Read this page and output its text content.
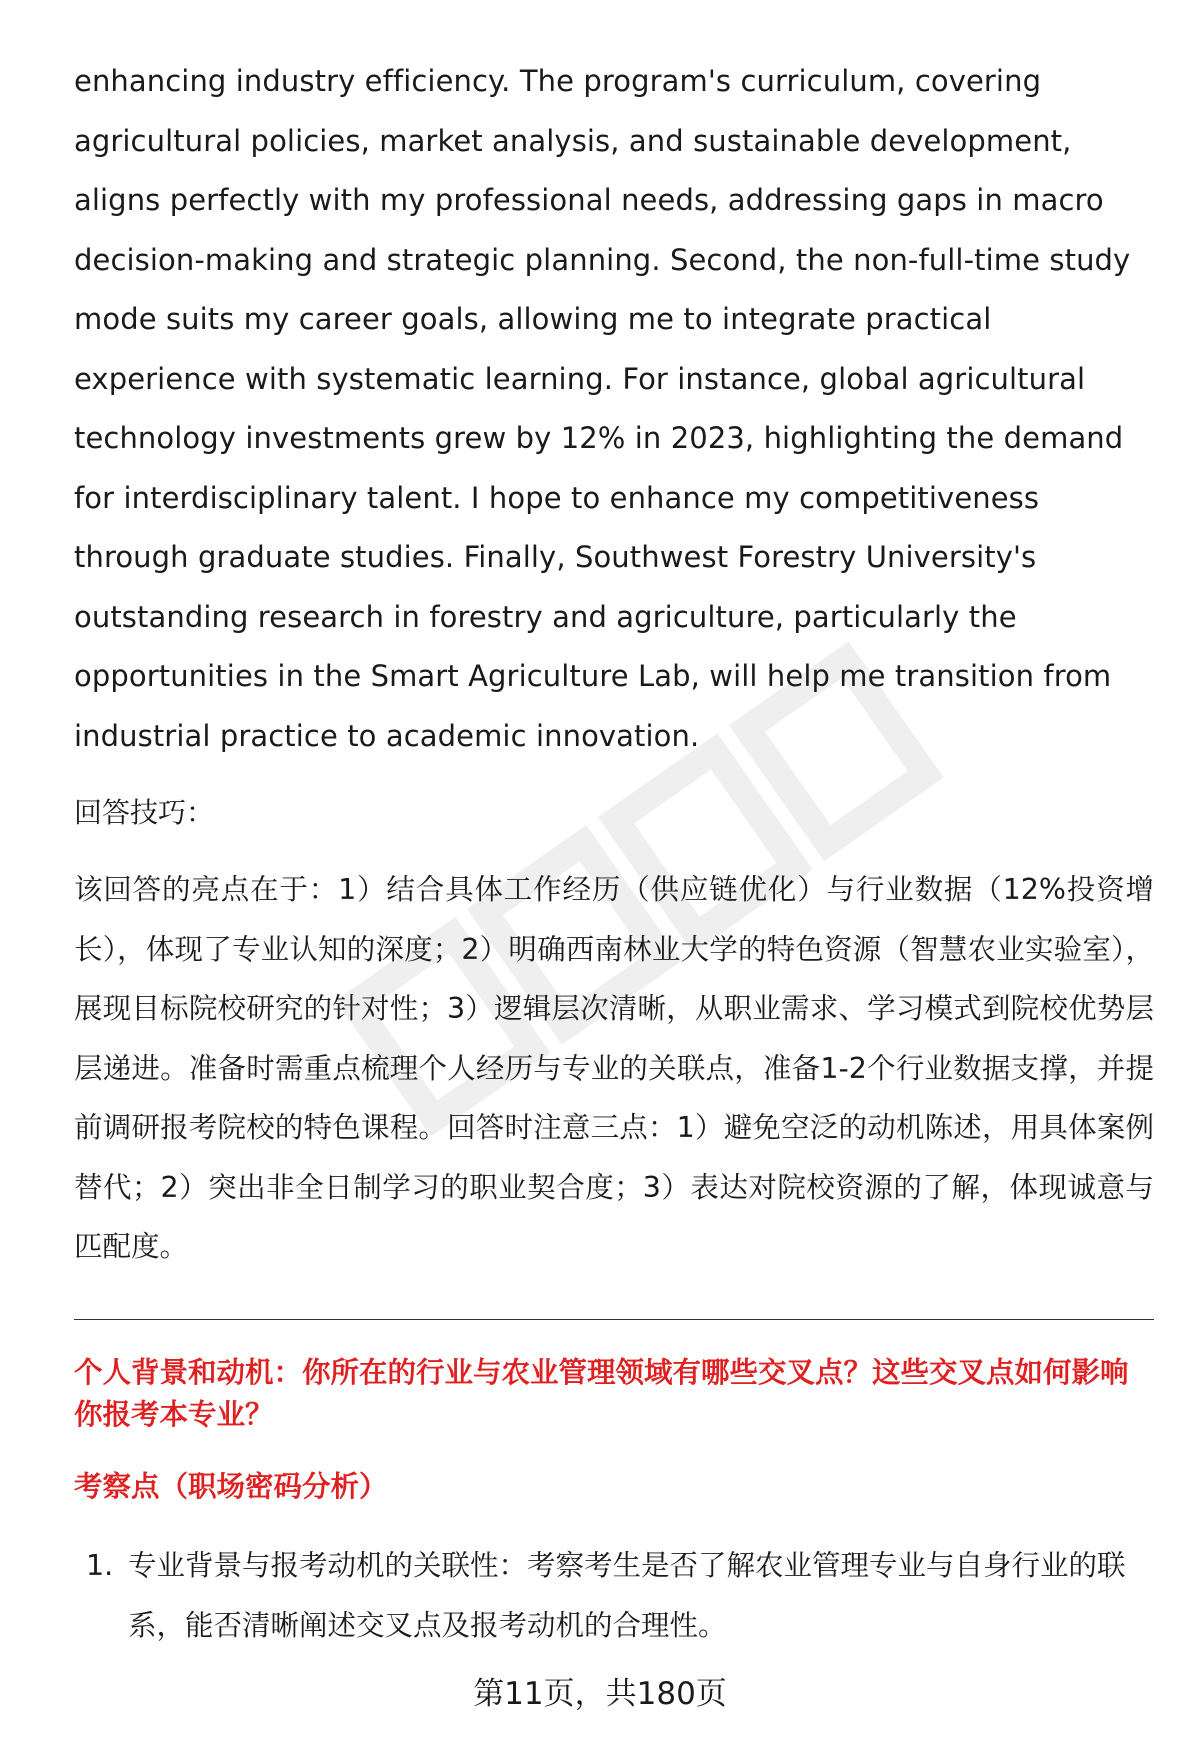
enhancing industry efficiency. The program's curriculum, covering agricultural policies, market analysis, and sustainable development, aligns perfectly with my professional needs, addressing gaps in macro decision-making and strategic planning. Second, the non-full-time study mode suits my career goals, allowing me to integrate practical experience with systematic learning. For instance, global agricultural technology investments grew by 12% in 2023, highlighting the demand for interdisciplinary talent. I hope to enhance my competitiveness through graduate studies. Finally, Southwest Forestry University's outstanding research in forestry and agriculture, particularly the opportunities in the Smart Agriculture Lab, will help me transition from industrial practice to academic innovation.

回答技巧：

该回答的亮点在于：1）结合具体工作经历（供应链优化）与行业数据（12%投资增长），体现了专业认知的深度；2）明确西南林业大学的特色资源（智慧农业实验室），展现目标院校研究的针对性；3）逻辑层次清晰，从职业需求、学习模式到院校优势层层递进。准备时需重点梳理个人经历与专业的关联点，准备1-2个行业数据支撑，并提前调研报考院校的特色课程。回答时注意三点：1）避免空泛的动机陈述，用具体案例替代；2）突出非全日制学习的职业契合度；3）表达对院校资源的了解，体现诚意与匹配度。

个人背景和动机：你所在的行业与农业管理领域有哪些交叉点？这些交叉点如何影响你报考本专业？

考察点（职场密码分析）

1. 专业背景与报考动机的关联性：考察考生是否了解农业管理专业与自身行业的联系，能否清晰阐述交叉点及报考动机的合理性。

第11页，共180页
